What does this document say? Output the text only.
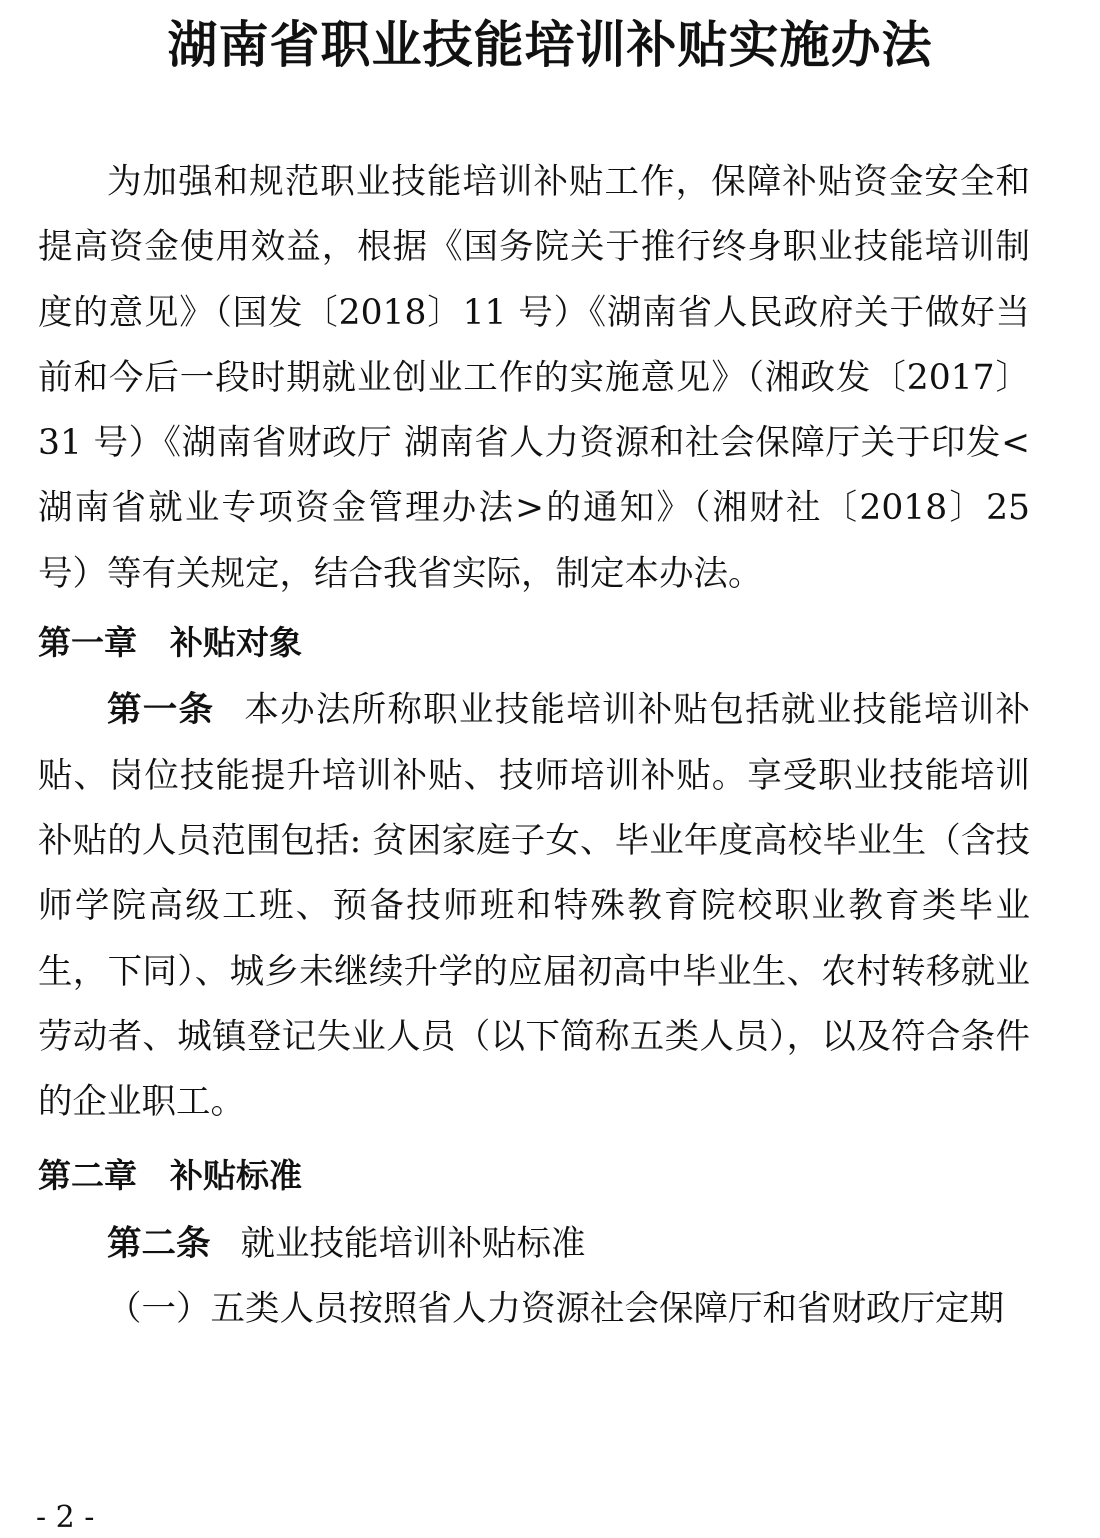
湖南省职业技能培训补贴实施办法

为加强和规范职业技能培训补贴工作，保障补贴资金安全和提高资金使用效益，根据《国务院关于推行终身职业技能培训制度的意见》（国发〔2018〕11 号）《湖南省人民政府关于做好当前和今后一段时期就业创业工作的实施意见》（湘政发〔2017〕31 号）《湖南省财政厅 湖南省人力资源和社会保障厅关于印发<湖南省就业专项资金管理办法>的通知》（湘财社〔2018〕25 号）等有关规定，结合我省实际，制定本办法。

第一章　补贴对象

第一条 本办法所称职业技能培训补贴包括就业技能培训补贴、岗位技能提升培训补贴、技师培训补贴。享受职业技能培训补贴的人员范围包括: 贫困家庭子女、毕业年度高校毕业生（含技师学院高级工班、预备技师班和特殊教育院校职业教育类毕业生，下同）、城乡未继续升学的应届初高中毕业生、农村转移就业劳动者、城镇登记失业人员（以下简称五类人员），以及符合条件的企业职工。

第二章　补贴标准

第二条 就业技能培训补贴标准

（一）五类人员按照省人力资源社会保障厅和省财政厅定期

- 2 -
